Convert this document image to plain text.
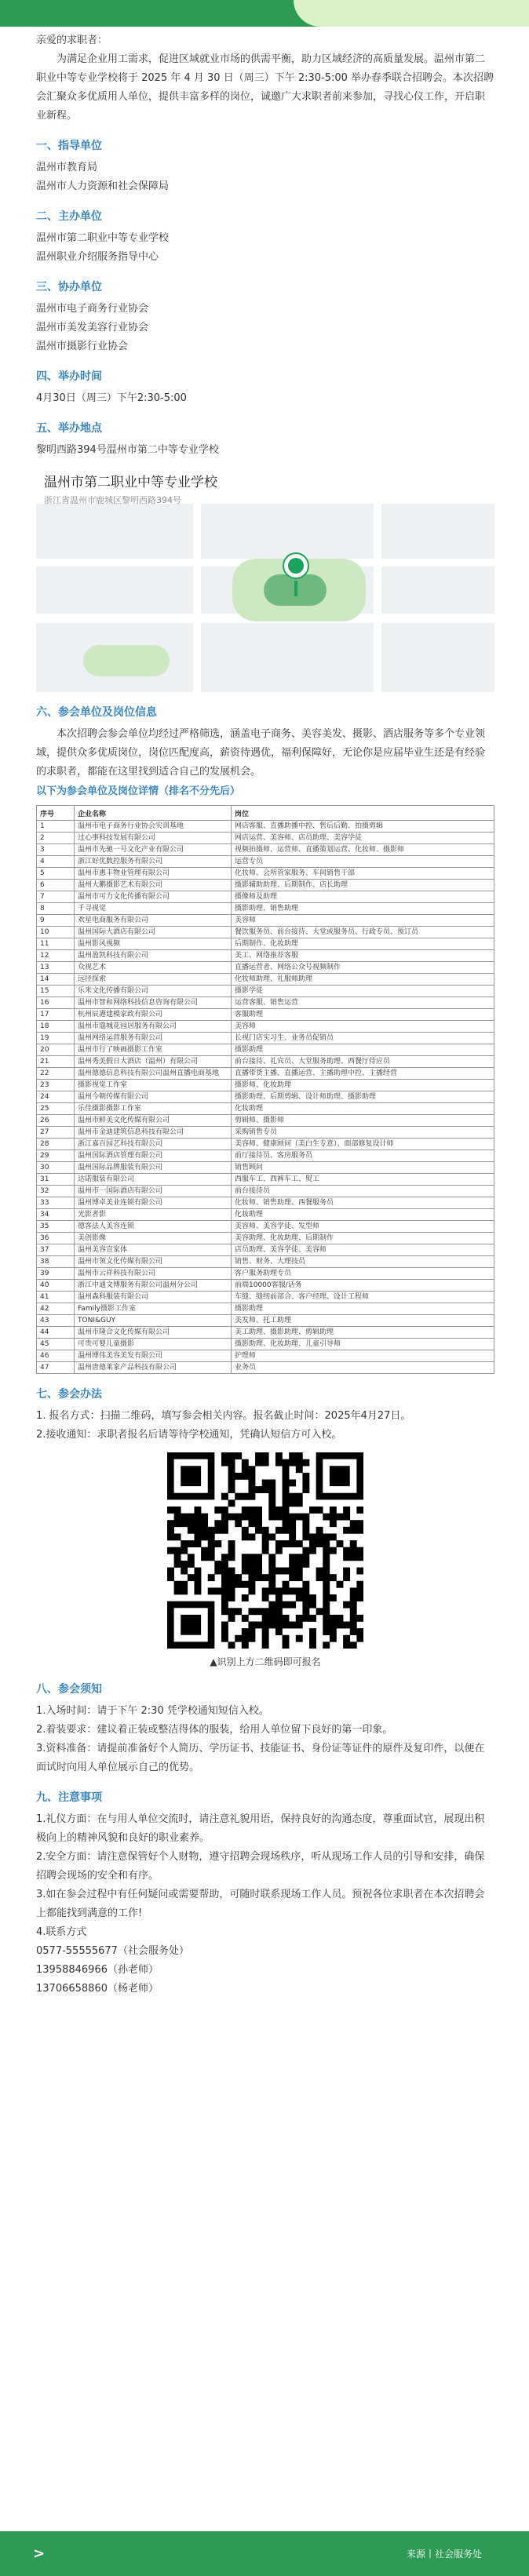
亲爱的求职者：

为满足企业用工需求，促进区域就业市场的供需平衡，助力区域经济的高质量发展。温州市第二职业中等专业学校将于 2025 年 4 月 30 日（周三）下午 2:30-5:00 举办春季联合招聘会。本次招聘会汇聚众多优质用人单位，提供丰富多样的岗位，诚邀广大求职者前来参加，寻找心仪工作，开启职业新程。

一、指导单位
温州市教育局
温州市人力资源和社会保障局
二、主办单位
温州市第二职业中等专业学校
温州职业介绍服务指导中心
三、协办单位
温州市电子商务行业协会
温州市美发美容行业协会
温州市摄影行业协会
四、举办时间
4月30日（周三）下午2:30-5:00
五、举办地点
黎明西路394号温州市第二中等专业学校
温州市第二职业中等专业学校
浙江省温州市鹿城区黎明西路394号
六、参会单位及岗位信息

本次招聘会参会单位均经过严格筛选，涵盖电子商务、美容美发、摄影、酒店服务等多个专业领域，提供众多优质岗位，岗位匹配度高，薪资待遇优，福利保障好，无论你是应届毕业生还是有经验的求职者，都能在这里找到适合自己的发展机会。

以下为参会单位及岗位详情（排名不分先后）
序号	企业名称	岗位
1	温州市电子商务行业协会实训基地	网店客服、直播助播中控、售后后勤、拍摄剪辑
2	过心事科技发展有限公司	网店运营、美容师、店员助理、美容学徒
3	温州市先驰一号文化产业有限公司	视频拍摄师、运营师、直播策划运营、化妆师、摄影师
4	浙江好优数控服务有限公司	运营专员
5	温州市惠丰物业管理有限公司	化妆师、会所管家服务、车间销售干部
6	温州大鹏摄影艺术有限公司	摄影辅助助理、后期制作、店长助理
7	温州市可力文化传播有限公司	摄像师及助理
8	千寻视觉	摄影助理、销售助理
9	欢星电商服务有限公司	美容师
10	温州国际大酒店有限公司	餐饮服务员、前台接待、大堂或服务员、行政专员、预订员
11	温州影风视频	后期制作、化妆助理
12	温州盈凯科技有限公司	美工、网络推荐客服
13	众视艺术	直播运营者、网络公众号视频制作
14	远径探索	化妆师助理、礼服师助理
15	乐米文化传播有限公司	摄影学徒
16	温州市智和网络科技信息咨询有限公司	运营客服、销售运营
17	杭州辰港建模家政有限公司	客服助理
18	温州市蔻城花园居服务有限公司	美容师
19	温州网络运营服务有限公司	长视门店实习生、业务员促销员
20	温州市行了映画摄影工作室	摄影助理
21	温州秀美假日大酒店（温州）有限公司	前台接待、礼宾员、大堂服务助理、西餐厅侍应员
22	温州德德信息科技有限公司温州直播电商基地	直播带货主播、直播运营、主播助理中控、主播经营
23	摄影视觉工作室	摄影师、化妆助理
24	温州今朝传媒有限公司	摄影助理、后期剪辑、设计师助理、摄影助理
25	乐佳摄影摄影工作室	化妆助理
26	温州市鲜美文化传媒有限公司	剪辑师、摄影师
27	温州市金迪建筑信息科技有限公司	采购销售专员
28	浙江嘉百园艺科技有限公司	美容师、健康顾问（美白生专意）、面部修复设计师
29	温州国际酒店管理有限公司	前厅接待员、客房服务员
30	温州国际品牌服装有限公司	销售顾问
31	达诺服装有限公司	西服车工、西裤车工、熨工
32	温州市一国际酒店有限公司	前台接待员
33	温州博卓美业连锁有限公司	化妆师、销售助理、西餐服务员
34	光影者影	化妆助理
35	德客法人美容连锁	美容师、美容学徒、发型师
36	美创影像	美容助理、化妆助理、后期制作
37	温州美容宣家体	店员助理、美容学徒、美容师
38	温州市领文化传媒有限公司	销售、财务、大理技员
39	温州市云祥科技有限公司	客户服务助理专员
40	浙江中通文博服务有限公司温州分公司	前端10000客服/话务
41	温州森科服装有限公司	车缝、缝纫前部合、客户经理、设计工程师
42	Family摄影工作室	摄影助理
43	TONI&GUY	美发师、托工助理
44	温州市隆合文化传媒有限公司	美工助理、摄影助理、剪辑助理
45	可贵可婴儿童摄影	摄影助理、化妆助理、儿童引导师
46	温州博伟美容美发有限公司	护理师
47	温州唐德莱家产品科技有限公司	业务员
七、参会办法
1. 报名方式：扫描二维码，填写参会相关内容。报名截止时间：2025年4月27日。
2.接收通知：求职者报名后请等待学校通知，凭确认短信方可入校。
▲识别上方二维码即可报名
八、参会须知

1.入场时间：请于下午 2:30 凭学校通知短信入校。

2.着装要求：建议着正装或整洁得体的服装，给用人单位留下良好的第一印象。

3.资料准备：请提前准备好个人简历、学历证书、技能证书、身份证等证件的原件及复印件，以便在面试时向用人单位展示自己的优势。

九、注意事项

1.礼仪方面：在与用人单位交流时，请注意礼貌用语，保持良好的沟通态度，尊重面试官，展现出积极向上的精神风貌和良好的职业素养。

2.安全方面：请注意保管好个人财物，遵守招聘会现场秩序，听从现场工作人员的引导和安排，确保招聘会现场的安全和有序。

3.如在参会过程中有任何疑问或需要帮助，可随时联系现场工作人员。预祝各位求职者在本次招聘会上都能找到满意的工作!

4.联系方式

0577-55555677（社会服务处）

13958846966（孙老师）

13706658860（杨老师）

>	来源丨社会服务处
